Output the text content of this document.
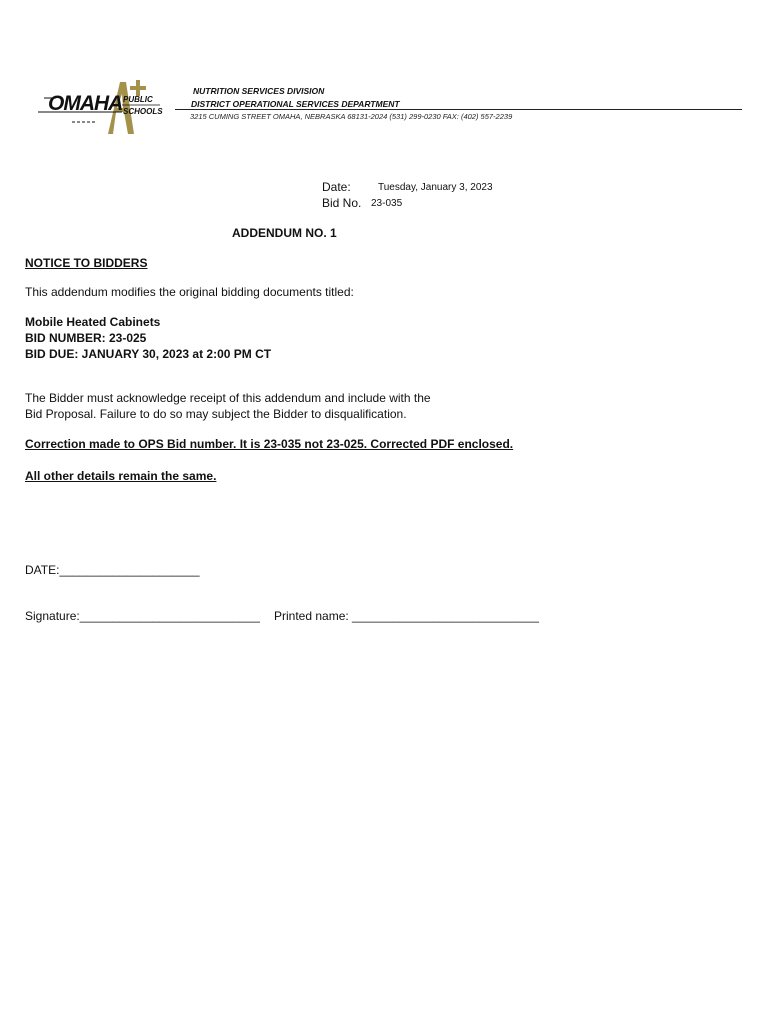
OMAHA PUBLIC
SCHOOLS
NUTRITION SERVICES DIVISION
DISTRICT OPERATIONAL SERVICES DEPARTMENT
3215 CUMING STREET OMAHA, NEBRASKA 68131-2024 (531) 299-0230 FAX: (402) 557-2239
Date:	Tuesday, January 3, 2023
Bid No. 23-035
ADDENDUM NO. 1
NOTICE TO BIDDERS
This addendum modifies the original bidding documents titled:
Mobile Heated Cabinets
BID NUMBER: 23-025
BID DUE: JANUARY 30, 2023 at 2:00 PM CT
The Bidder must acknowledge receipt of this addendum and include with the
Bid Proposal. Failure to do so may subject the Bidder to disqualification.
Correction made to OPS Bid number. It is 23-035 not 23-025. Corrected PDF enclosed.
All other details remain the same.
DATE:_____________________
Signature:___________________________ Printed name: ____________________________
